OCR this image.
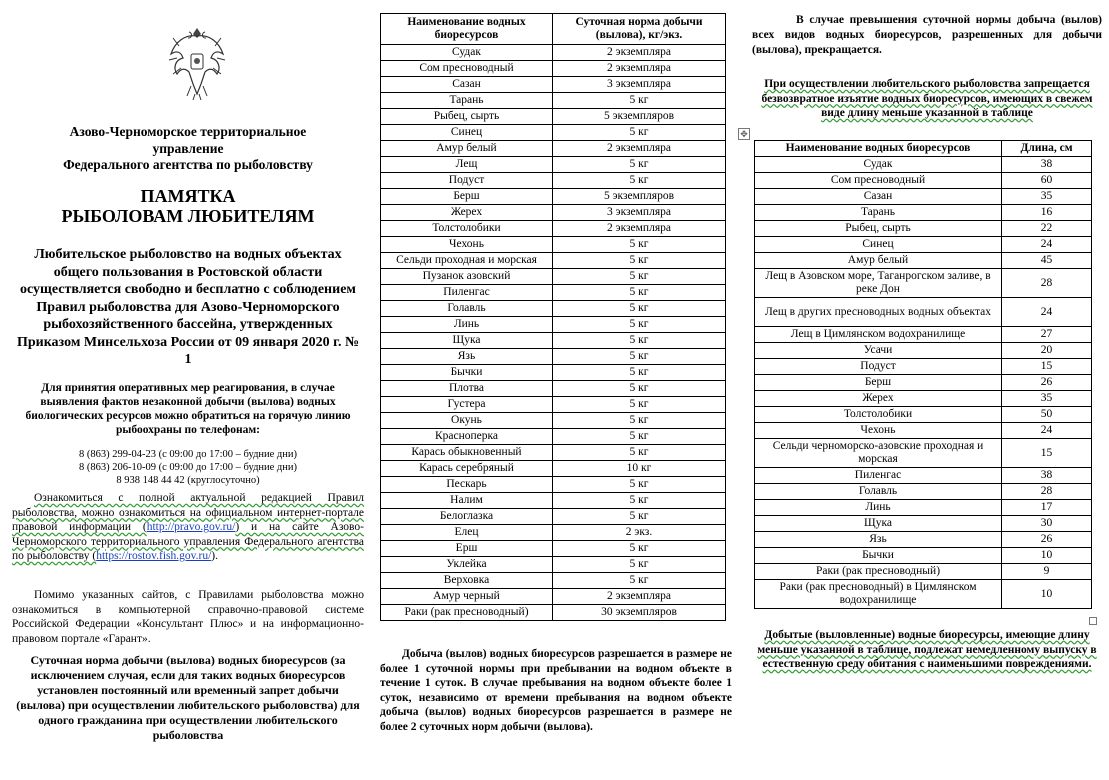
Азово-Черноморское территориальное
управление
Федерального агентства по рыболовству
ПАМЯТКА
РЫБОЛОВАМ ЛЮБИТЕЛЯМ
Любительское рыболовство на водных объектах общего пользования в Ростовской области осуществляется свободно и бесплатно с соблюдением Правил рыболовства для Азово-Черноморского рыбохозяйственного бассейна, утвержденных Приказом Минсельхоза России от 09 января 2020 г. № 1
Для принятия оперативных мер реагирования, в случае выявления фактов незаконной добычи (вылова) водных биологических ресурсов можно обратиться на горячую линию рыбоохраны по телефонам:
8 (863) 299-04-23 (с 09:00 до 17:00 – будние дни)
8 (863) 206-10-09 (с 09:00 до 17:00 – будние дни)
8 938 148 44 42 (круглосуточно)
Ознакомиться с полной актуальной редакцией Правил рыболовства, можно ознакомиться на официальном интернет-портале правовой информации (http://pravo.gov.ru/) и на сайте Азово-Черноморского территориального управления Федерального агентства по рыболовству (https://rostov.fish.gov.ru/).
Помимо указанных сайтов, с Правилами рыболовства можно ознакомиться в компьютерной справочно-правовой системе Российской Федерации «Консультант Плюс» и на информационно-правовом портале «Гарант».
Суточная норма добычи (вылова) водных биоресурсов (за исключением случая, если для таких водных биоресурсов установлен постоянный или временный запрет добычи (вылова) при осуществлении любительского рыболовства) для одного гражданина при осуществлении любительского рыболовства
Наименование водных биоресурсов	Суточная норма добычи (вылова), кг/экз.
Судак	2 экземпляра
Сом пресноводный	2 экземпляра
Сазан	3 экземпляра
Тарань	5 кг
Рыбец, сырть	5 экземпляров
Синец	5 кг
Амур белый	2 экземпляра
Лещ	5 кг
Подуст	5 кг
Берш	5 экземпляров
Жерех	3 экземпляра
Толстолобики	2 экземпляра
Чехонь	5 кг
Сельди проходная и морская	5 кг
Пузанок азовский	5 кг
Пиленгас	5 кг
Голавль	5 кг
Линь	5 кг
Щука	5 кг
Язь	5 кг
Бычки	5 кг
Плотва	5 кг
Густера	5 кг
Окунь	5 кг
Красноперка	5 кг
Карась обыкновенный	5 кг
Карась серебряный	10 кг
Пескарь	5 кг
Налим	5 кг
Белоглазка	5 кг
Елец	2 экз.
Ерш	5 кг
Уклейка	5 кг
Верховка	5 кг
Амур черный	2 экземпляра
Раки (рак пресноводный)	30 экземпляров
Добыча (вылов) водных биоресурсов разрешается в размере не более 1 суточной нормы при пребывании на водном объекте в течение 1 суток. В случае пребывания на водном объекте более 1 суток, независимо от времени пребывания на водном объекте добыча (вылов) водных биоресурсов разрешается в размере не более 2 суточных норм добычи (вылова).
В случае превышения суточной нормы добыча (вылов) всех видов водных биоресурсов, разрешенных для добычи (вылова), прекращается.
При осуществлении любительского рыболовства запрещается безвозвратное изъятие водных биоресурсов, имеющих в свежем виде длину меньше указанной в таблице
✥
Наименование водных биоресурсов	Длина, см
Судак	38
Сом пресноводный	60
Сазан	35
Тарань	16
Рыбец, сырть	22
Синец	24
Амур белый	45
Лещ в Азовском море, Таганрогском заливе, в реке Дон	28
Лещ в других пресноводных водных объектах	24
Лещ в Цимлянском водохранилище	27
Усачи	20
Подуст	15
Берш	26
Жерех	35
Толстолобики	50
Чехонь	24
Сельди черноморско-азовские проходная и морская	15
Пиленгас	38
Голавль	28
Линь	17
Щука	30
Язь	26
Бычки	10
Раки (рак пресноводный)	9
Раки (рак пресноводный) в Цимлянском водохранилище	10
Добытые (выловленные) водные биоресурсы, имеющие длину меньше указанной в таблице, подлежат немедленному выпуску в естественную среду обитания с наименьшими повреждениями.
